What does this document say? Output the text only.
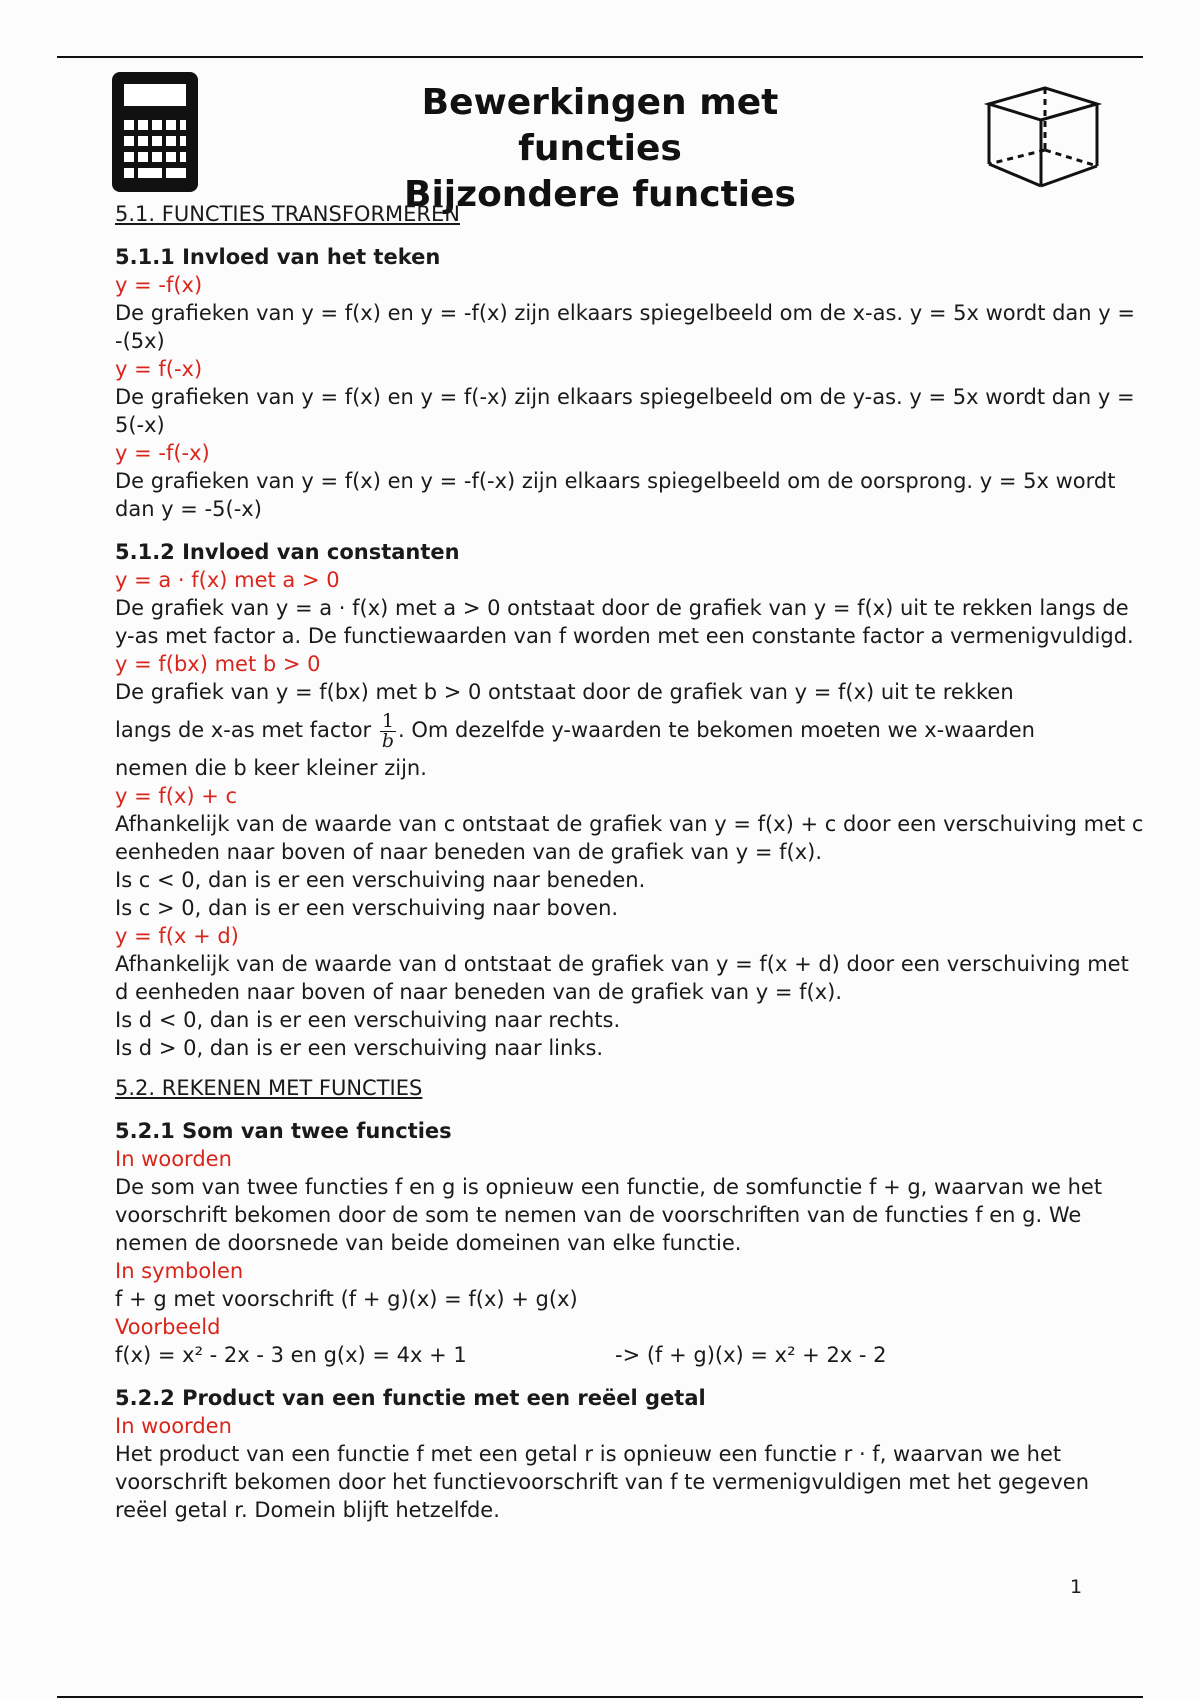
Bewerkingen met
functies
Bijzondere functies
5.1. FUNCTIES TRANSFORMEREN
5.1.1 Invloed van het teken
y = -f(x)
De grafieken van y = f(x) en y = -f(x) zijn elkaars spiegelbeeld om de x-as. y = 5x wordt dan y = -(5x)
y = f(-x)
De grafieken van y = f(x) en y = f(-x) zijn elkaars spiegelbeeld om de y-as. y = 5x wordt dan y = 5(-x)
y = -f(-x)
De grafieken van y = f(x) en y = -f(-x) zijn elkaars spiegelbeeld om de oorsprong. y = 5x wordt dan y = -5(-x)
5.1.2 Invloed van constanten
y = a · f(x) met a > 0
De grafiek van y = a · f(x) met a > 0 ontstaat door de grafiek van y = f(x) uit te rekken langs de y-as met factor a. De functiewaarden van f worden met een constante factor a vermenigvuldigd.
y = f(bx) met b > 0
De grafiek van y = f(bx) met b > 0 ontstaat door de grafiek van y = f(x) uit te rekken
langs de x-as met factor $\frac{1}{b}$ . Om dezelfde y-waarden te bekomen moeten we x-waarden
nemen die b keer kleiner zijn.
y = f(x) + c
Afhankelijk van de waarde van c ontstaat de grafiek van y = f(x) + c door een verschuiving met c eenheden naar boven of naar beneden van de grafiek van y = f(x).
Is c < 0, dan is er een verschuiving naar beneden.
Is c > 0, dan is er een verschuiving naar boven.
y = f(x + d)
Afhankelijk van de waarde van d ontstaat de grafiek van y = f(x + d) door een verschuiving met d eenheden naar boven of naar beneden van de grafiek van y = f(x).
Is d < 0, dan is er een verschuiving naar rechts.
Is d > 0, dan is er een verschuiving naar links.
5.2. REKENEN MET FUNCTIES
5.2.1 Som van twee functies
In woorden
De som van twee functies f en g is opnieuw een functie, de somfunctie f + g, waarvan we het voorschrift bekomen door de som te nemen van de voorschriften van de functies f en g. We nemen de doorsnede van beide domeinen van elke functie.
In symbolen
f + g met voorschrift (f + g)(x) = f(x) + g(x)
Voorbeeld
f(x) = x² - 2x - 3 en g(x) = 4x + 1	-> (f + g)(x) = x² + 2x - 2
5.2.2 Product van een functie met een reëel getal
In woorden
Het product van een functie f met een getal r is opnieuw een functie r · f, waarvan we het voorschrift bekomen door het functievoorschrift van f te vermenigvuldigen met het gegeven reëel getal r. Domein blijft hetzelfde.
1
